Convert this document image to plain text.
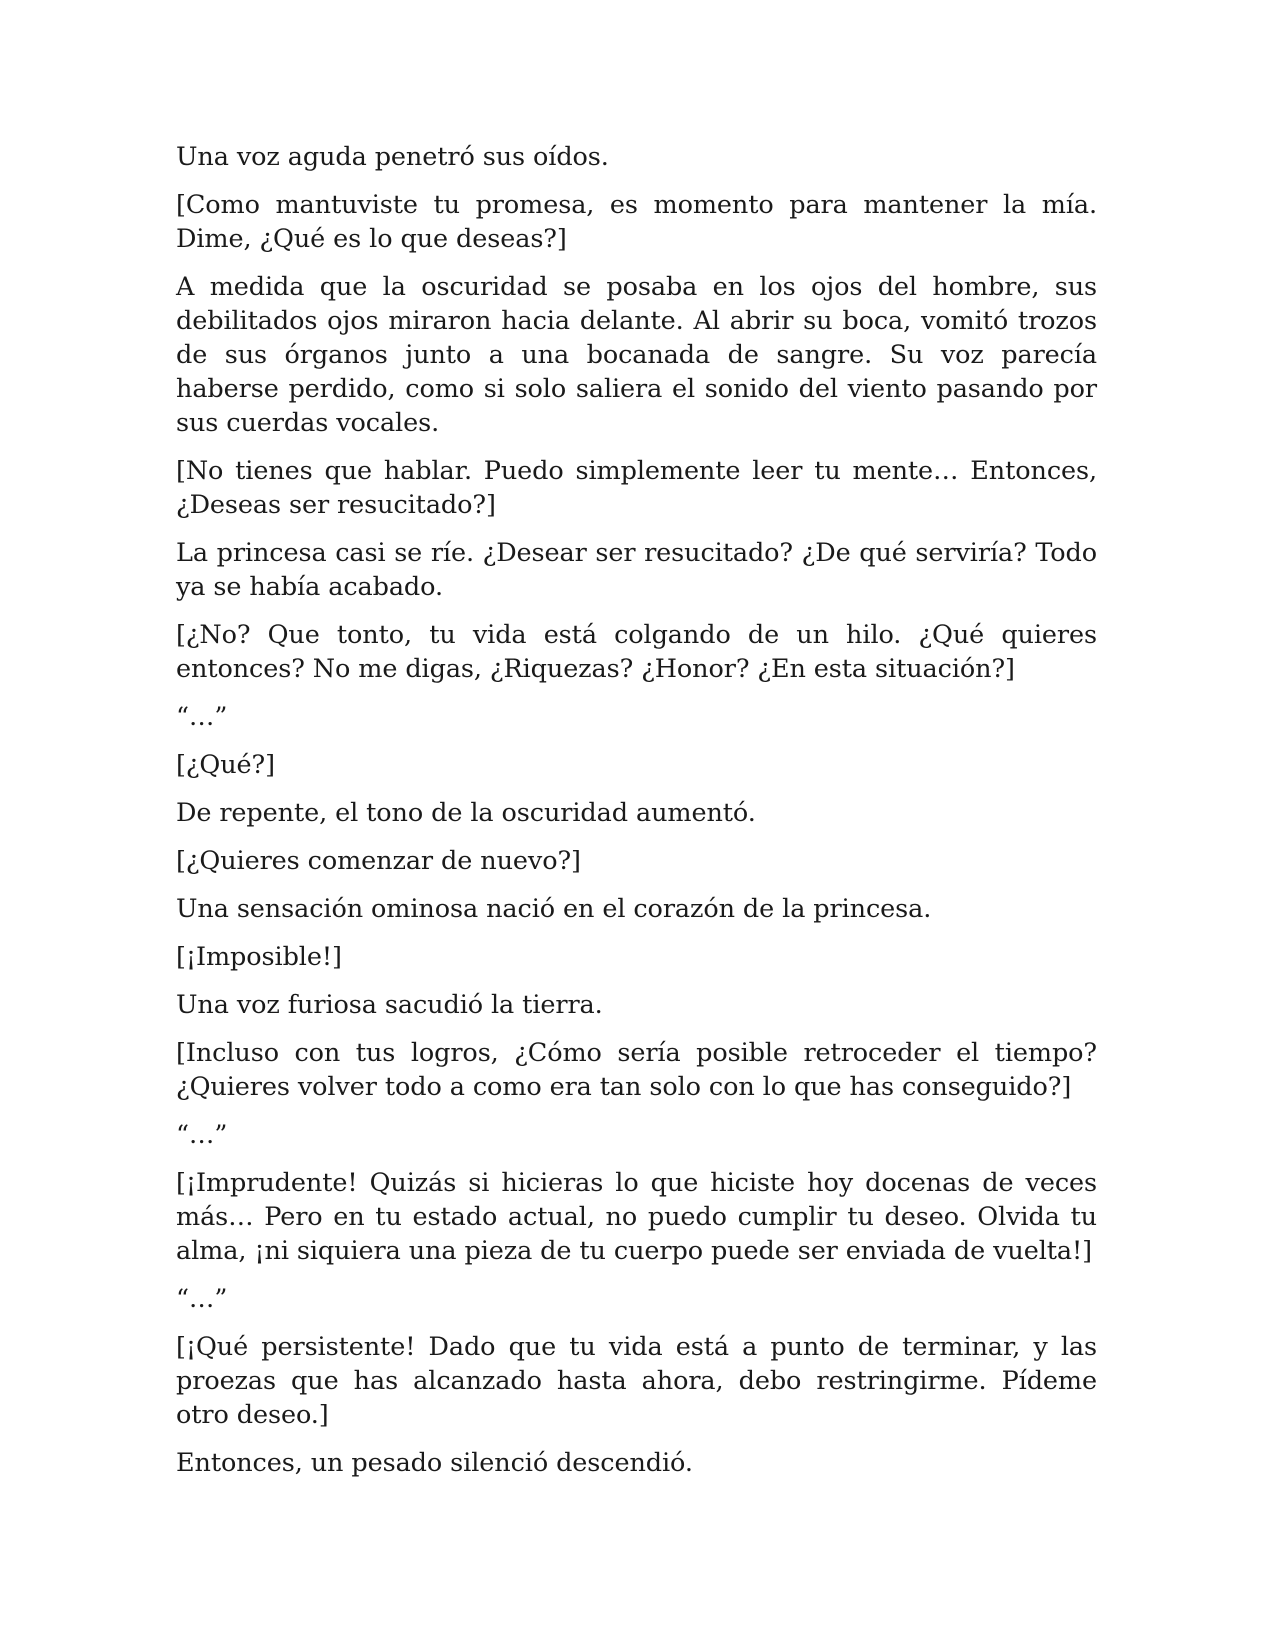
Una voz aguda penetró sus oídos.

[Como mantuviste tu promesa, es momento para mantener la mía. Dime, ¿Qué es lo que deseas?]

A medida que la oscuridad se posaba en los ojos del hombre, sus debilitados ojos miraron hacia delante. Al abrir su boca, vomitó trozos de sus órganos junto a una bocanada de sangre. Su voz parecía haberse perdido, como si solo saliera el sonido del viento pasando por sus cuerdas vocales.

[No tienes que hablar. Puedo simplemente leer tu mente… Entonces, ¿Deseas ser resucitado?]

La princesa casi se ríe. ¿Desear ser resucitado? ¿De qué serviría? Todo ya se había acabado.

[¿No? Que tonto, tu vida está colgando de un hilo. ¿Qué quieres entonces? No me digas, ¿Riquezas? ¿Honor? ¿En esta situación?]

“…”

[¿Qué?]

De repente, el tono de la oscuridad aumentó.

[¿Quieres comenzar de nuevo?]

Una sensación ominosa nació en el corazón de la princesa.

[¡Imposible!]

Una voz furiosa sacudió la tierra.

[Incluso con tus logros, ¿Cómo sería posible retroceder el tiempo? ¿Quieres volver todo a como era tan solo con lo que has conseguido?]

“…”

[¡Imprudente! Quizás si hicieras lo que hiciste hoy docenas de veces más… Pero en tu estado actual, no puedo cumplir tu deseo. Olvida tu alma, ¡ni siquiera una pieza de tu cuerpo puede ser enviada de vuelta!]

“…”

[¡Qué persistente! Dado que tu vida está a punto de terminar, y las proezas que has alcanzado hasta ahora, debo restringirme. Pídeme otro deseo.]

Entonces, un pesado silenció descendió.
